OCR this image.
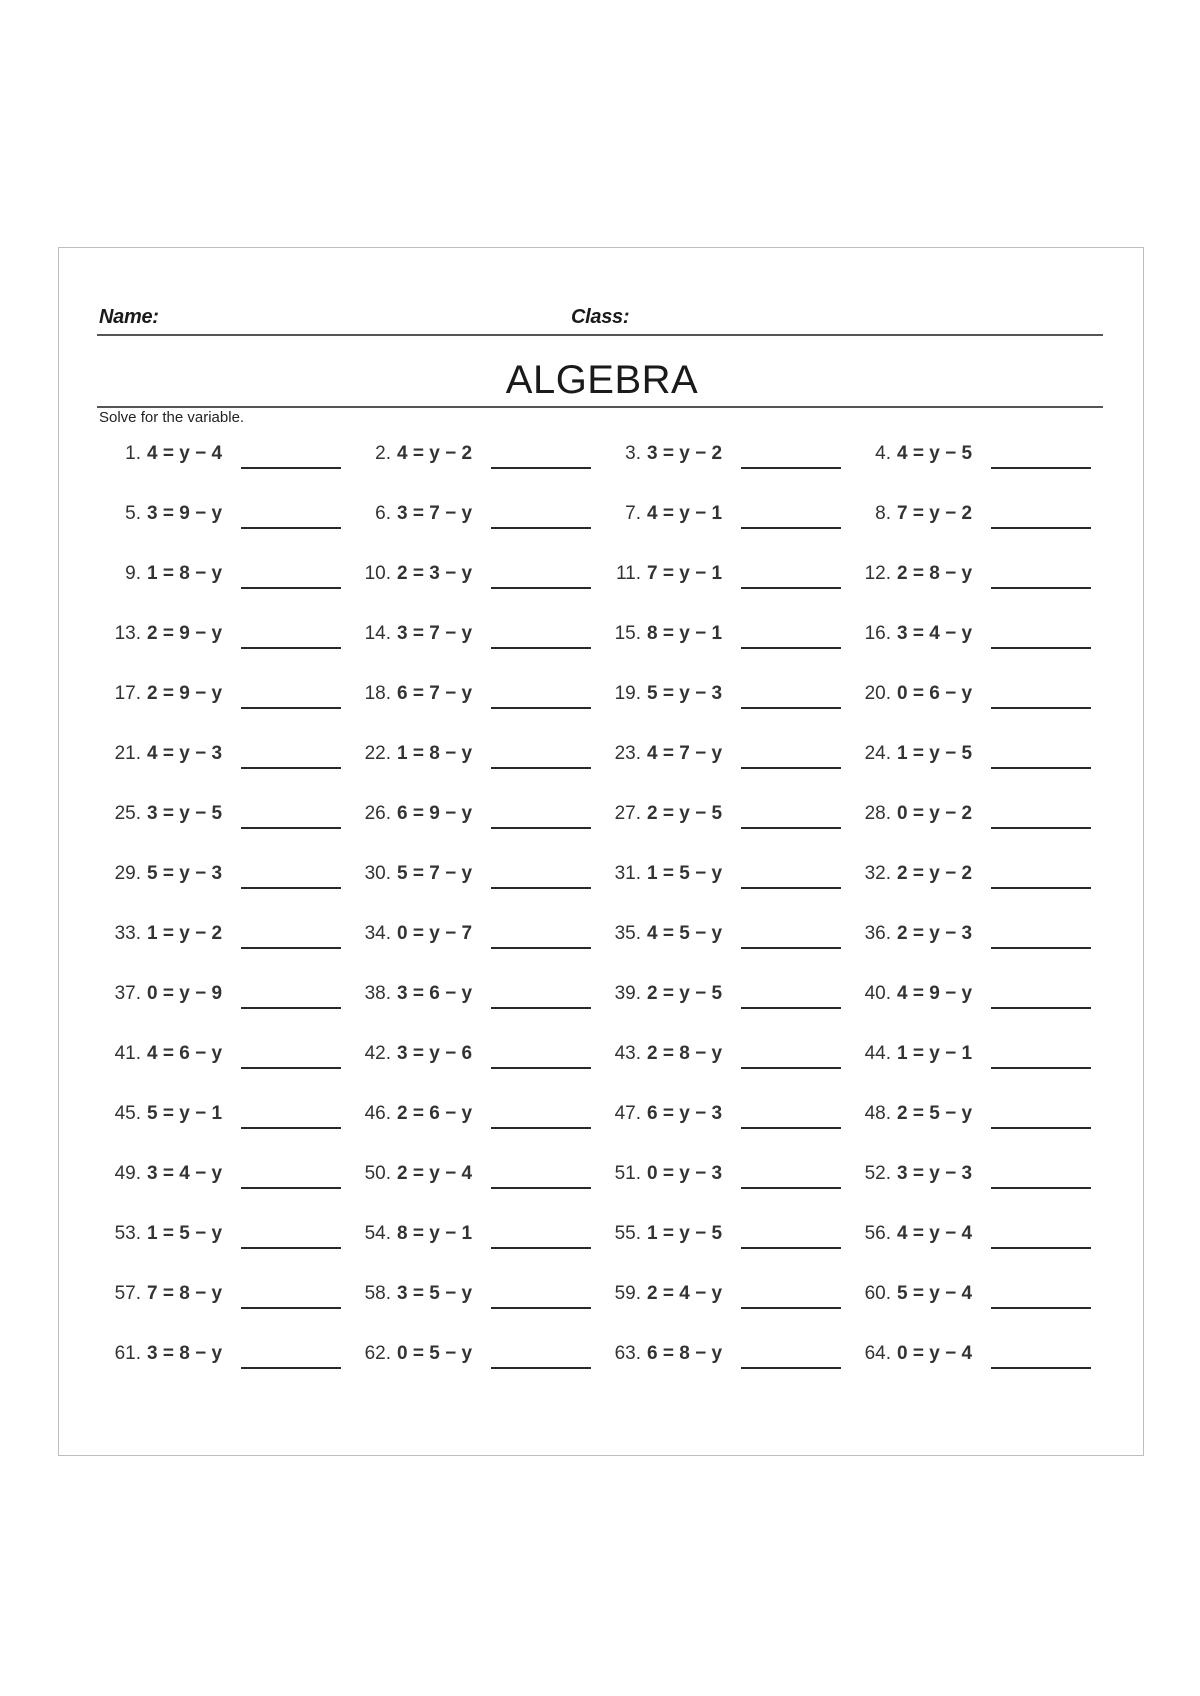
Name:	Class:
ALGEBRA
Solve for the variable.
1. 4 = y − 4	2. 4 = y − 2	3. 3 = y − 2	4. 4 = y − 5
5. 3 = 9 − y	6. 3 = 7 − y	7. 4 = y − 1	8. 7 = y − 2
9. 1 = 8 − y	10. 2 = 3 − y	11. 7 = y − 1	12. 2 = 8 − y
13. 2 = 9 − y	14. 3 = 7 − y	15. 8 = y − 1	16. 3 = 4 − y
17. 2 = 9 − y	18. 6 = 7 − y	19. 5 = y − 3	20. 0 = 6 − y
21. 4 = y − 3	22. 1 = 8 − y	23. 4 = 7 − y	24. 1 = y − 5
25. 3 = y − 5	26. 6 = 9 − y	27. 2 = y − 5	28. 0 = y − 2
29. 5 = y − 3	30. 5 = 7 − y	31. 1 = 5 − y	32. 2 = y − 2
33. 1 = y − 2	34. 0 = y − 7	35. 4 = 5 − y	36. 2 = y − 3
37. 0 = y − 9	38. 3 = 6 − y	39. 2 = y − 5	40. 4 = 9 − y
41. 4 = 6 − y	42. 3 = y − 6	43. 2 = 8 − y	44. 1 = y − 1
45. 5 = y − 1	46. 2 = 6 − y	47. 6 = y − 3	48. 2 = 5 − y
49. 3 = 4 − y	50. 2 = y − 4	51. 0 = y − 3	52. 3 = y − 3
53. 1 = 5 − y	54. 8 = y − 1	55. 1 = y − 5	56. 4 = y − 4
57. 7 = 8 − y	58. 3 = 5 − y	59. 2 = 4 − y	60. 5 = y − 4
61. 3 = 8 − y	62. 0 = 5 − y	63. 6 = 8 − y	64. 0 = y − 4
